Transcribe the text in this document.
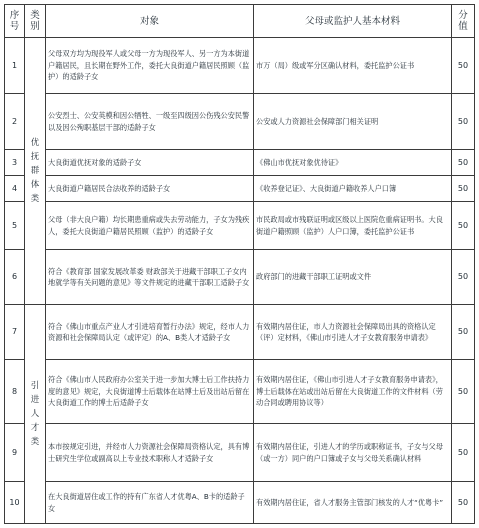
序号	类别	对象	父母或监护人基本材料	分值
1	优抚群体类	父母双方均为现役军人或父母一方为现役军人、另一方为本街道户籍居民，且长期在野外工作，委托大良街道户籍居民照顾（监护）的适龄子女	市万（局）级或军分区确认材料，委托监护公证书	50
2		公安烈士、公安英模和因公牺牲、一级至四级因公伤残公安民警以及因公殉职基层干部的适龄子女	公安或人力资源社会保障部门相关证明	50
3		大良街道优抚对象的适龄子女	《佛山市优抚对象优待证》	50
4		大良街道户籍居民合法收养的适龄子女	《收养登记证》、大良街道户籍收养人户口簿	50
5		父母（非大良户籍）均长期患重病或失去劳动能力，子女为残疾人，委托大良街道户籍居民照顾（监护）的适龄子女	市民政局或市残联证明或区级以上医院危重病证明书。大良街道户籍照顾（监护）人户口簿，委托监护公证书	50
6		符合《教育部 国家发展改革委 财政部关于进藏干部职工子女内地就学等有关问题的意见》等文件规定的进藏干部职工适龄子女	政府部门的进藏干部职工证明或文件	50
7	引进人才类	符合《佛山市重点产业人才引进培育暂行办法》规定，经市人力资源和社会保障局认定（或评定）的A、B类人才适龄子女	有效期内居住证，市人力资源社会保障局出具的资格认定（评）定材料，《佛山市引进人才子女教育服务申请表》	50
8		符合《佛山市人民政府办公室关于进一步加大博士后工作扶持力度的意见》规定，大良街道博士后载体在站博士后及出站后留在大良街道工作的博士后适龄子女	有效期内居住证，《佛山市引进人才子女教育服务申请表》，博士后载体在站或出站后留在大良街道工作的文件材料（劳动合同或聘用协议等）	50
9		本市按规定引进，并经市人力资源社会保障局资格认定，具有博士研究生学位或副高以上专业技术职称人才适龄子女	有效期内居住证，引进人才的学历或职称证书，子女与父母（或一方）同户的户口簿或子女与父母关系确认材料	50
10		在大良街道居住或工作的持有广东省人才优粤A、B卡的适龄子女	有效期内居住证，省人才服务主管部门核发的人才“优粤卡”	50
